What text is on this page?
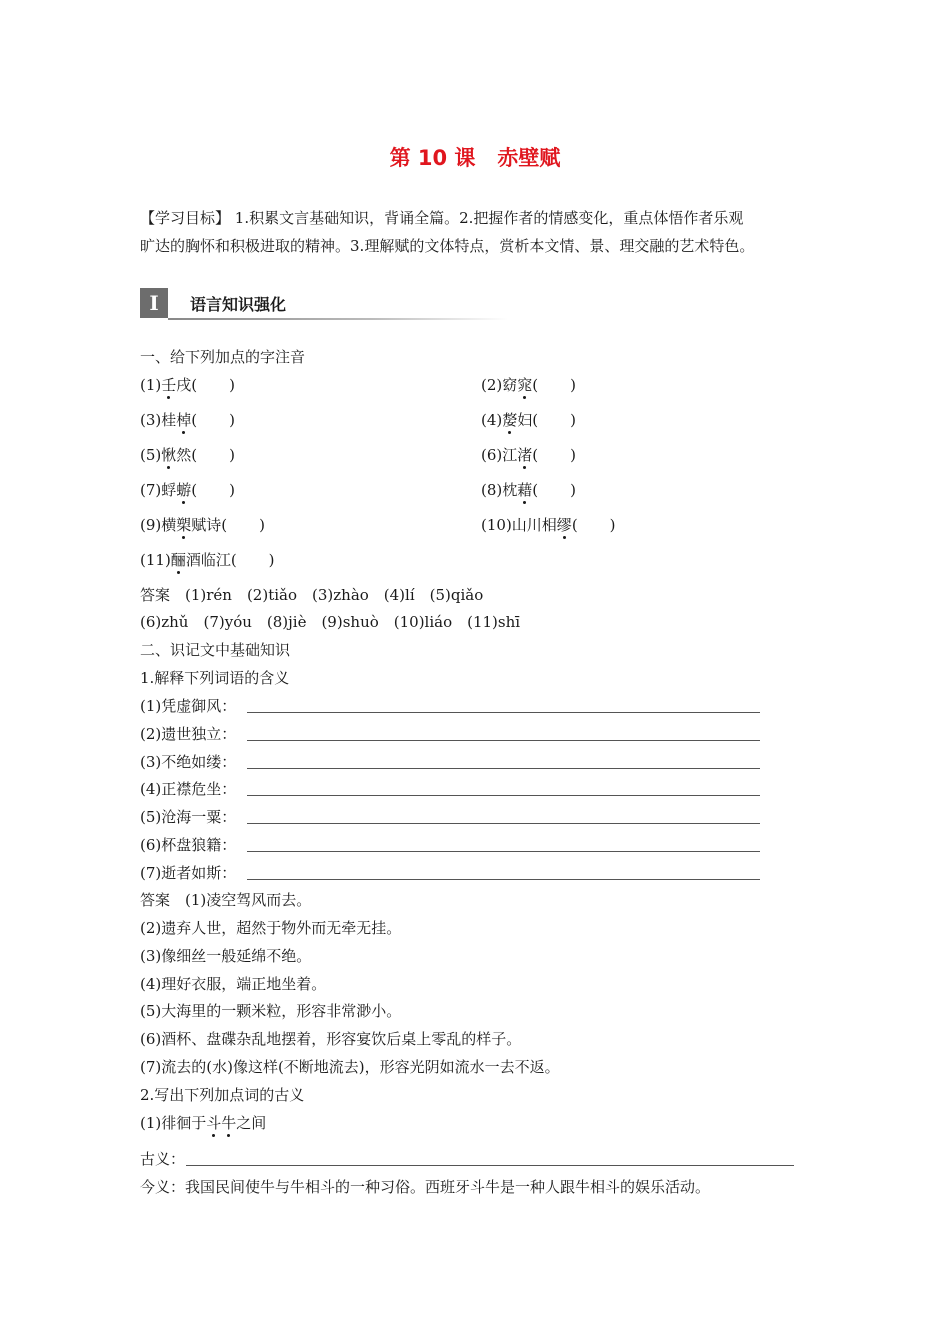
第 10 课 赤壁赋
【学习目标】 1.积累文言基础知识，背诵全篇。2.把握作者的情感变化，重点体悟作者乐观
旷达的胸怀和积极进取的精神。3.理解赋的文体特点，赏析本文情、景、理交融的艺术特色。
I	语言知识强化
一、给下列加点的字注音
(1)壬戌( )	(2)窈窕( )
(3)桂棹( )	(4)嫠妇( )
(5)愀然( )	(6)江渚( )
(7)蜉蝣( )	(8)枕藉( )
(9)横槊赋诗( )	(10)山川相缪( )
(11)酾酒临江( )
答案　(1)rén　(2)tiǎo　(3)zhào　(4)lí　(5)qiǎo
(6)zhǔ　(7)yóu　(8)jiè　(9)shuò　(10)liáo　(11)shī
二、识记文中基础知识
1.解释下列词语的含义
(1)凭虚御风：
(2)遗世独立：
(3)不绝如缕：
(4)正襟危坐：
(5)沧海一粟：
(6)杯盘狼籍：
(7)逝者如斯：
答案　(1)凌空驾风而去。
(2)遗弃人世，超然于物外而无牵无挂。
(3)像细丝一般延绵不绝。
(4)理好衣服，端正地坐着。
(5)大海里的一颗米粒，形容非常渺小。
(6)酒杯、盘碟杂乱地摆着，形容宴饮后桌上零乱的样子。
(7)流去的(水)像这样(不断地流去)，形容光阴如流水一去不返。
2.写出下列加点词的古义
(1)徘徊于斗牛之间
古义：
今义：我国民间使牛与牛相斗的一种习俗。西班牙斗牛是一种人跟牛相斗的娱乐活动。
